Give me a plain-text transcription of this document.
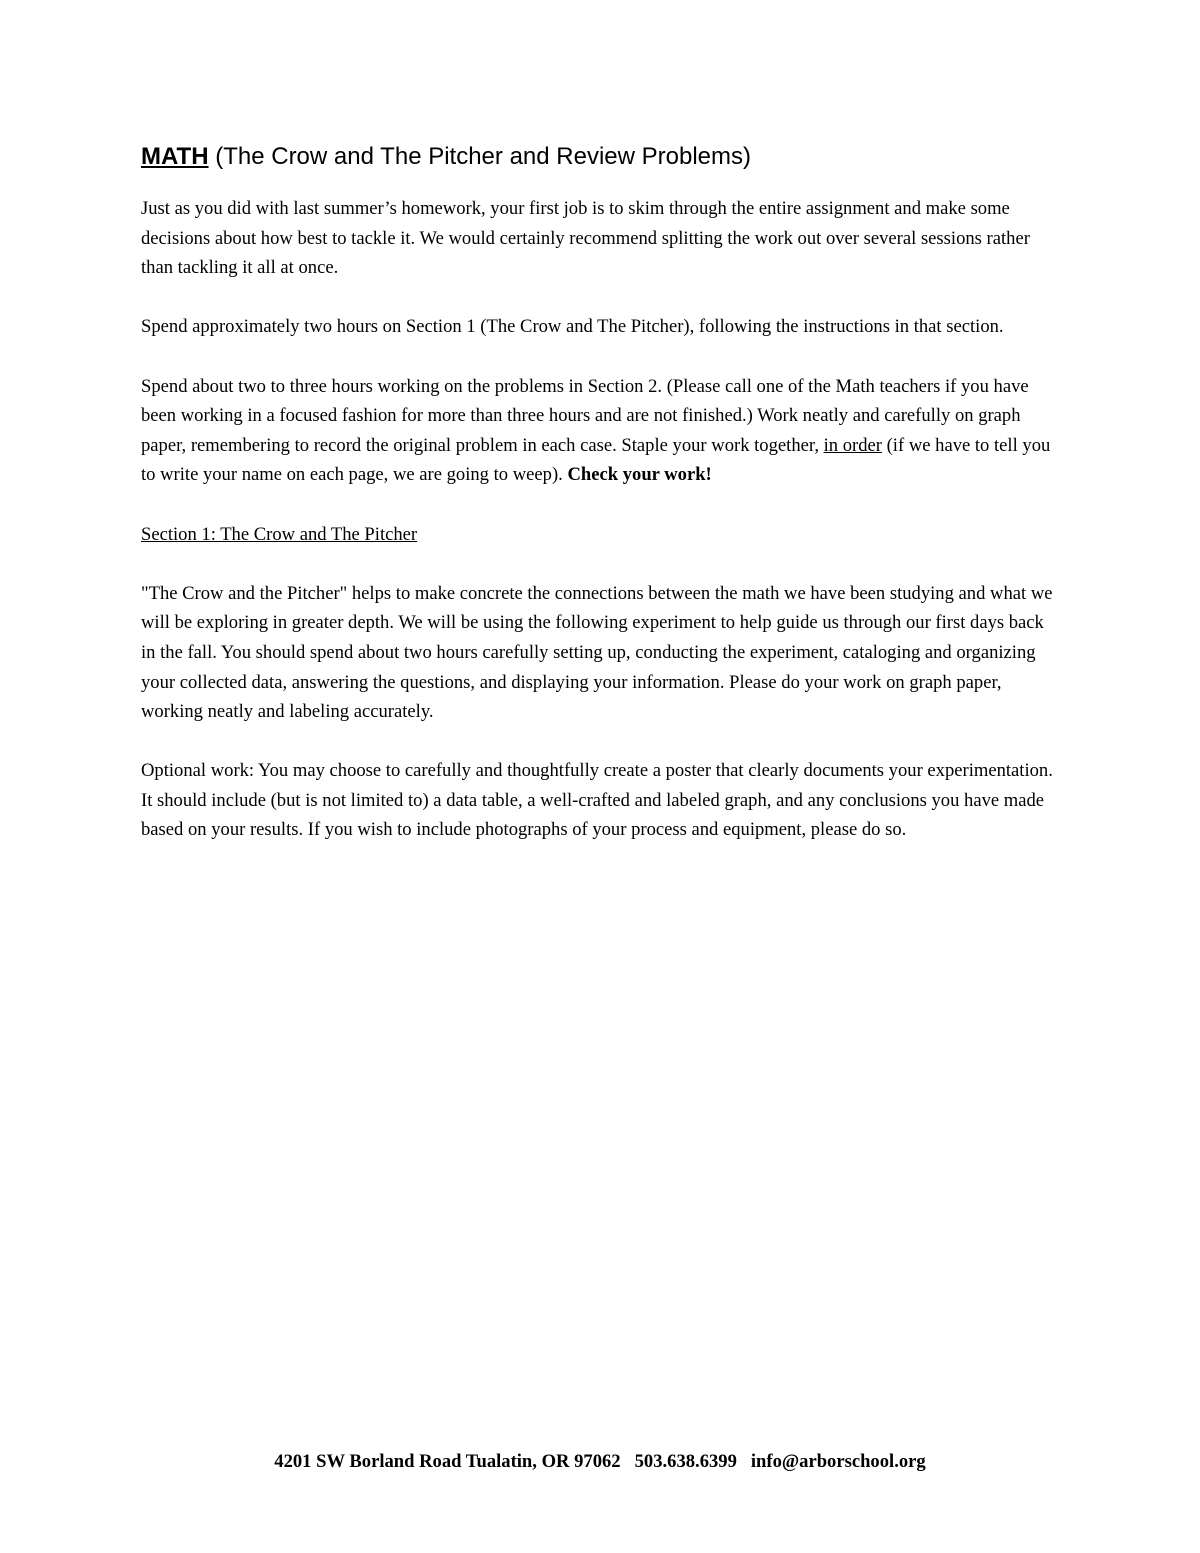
MATH (The Crow and The Pitcher and Review Problems)

Just as you did with last summer’s homework, your first job is to skim through the entire assignment and make some decisions about how best to tackle it. We would certainly recommend splitting the work out over several sessions rather than tackling it all at once.

Spend approximately two hours on Section 1 (The Crow and The Pitcher), following the instructions in that section.

Spend about two to three hours working on the problems in Section 2. (Please call one of the Math teachers if you have been working in a focused fashion for more than three hours and are not finished.) Work neatly and carefully on graph paper, remembering to record the original problem in each case. Staple your work together, in order (if we have to tell you to write your name on each page, we are going to weep). Check your work!

Section 1: The Crow and The Pitcher

"The Crow and the Pitcher" helps to make concrete the connections between the math we have been studying and what we will be exploring in greater depth. We will be using the following experiment to help guide us through our first days back in the fall. You should spend about two hours carefully setting up, conducting the experiment, cataloging and organizing your collected data, answering the questions, and displaying your information. Please do your work on graph paper, working neatly and labeling accurately.

Optional work: You may choose to carefully and thoughtfully create a poster that clearly documents your experimentation. It should include (but is not limited to) a data table, a well-crafted and labeled graph, and any conclusions you have made based on your results. If you wish to include photographs of your process and equipment, please do so.

4201 SW Borland Road Tualatin, OR 97062 503.638.6399 info@arborschool.org
